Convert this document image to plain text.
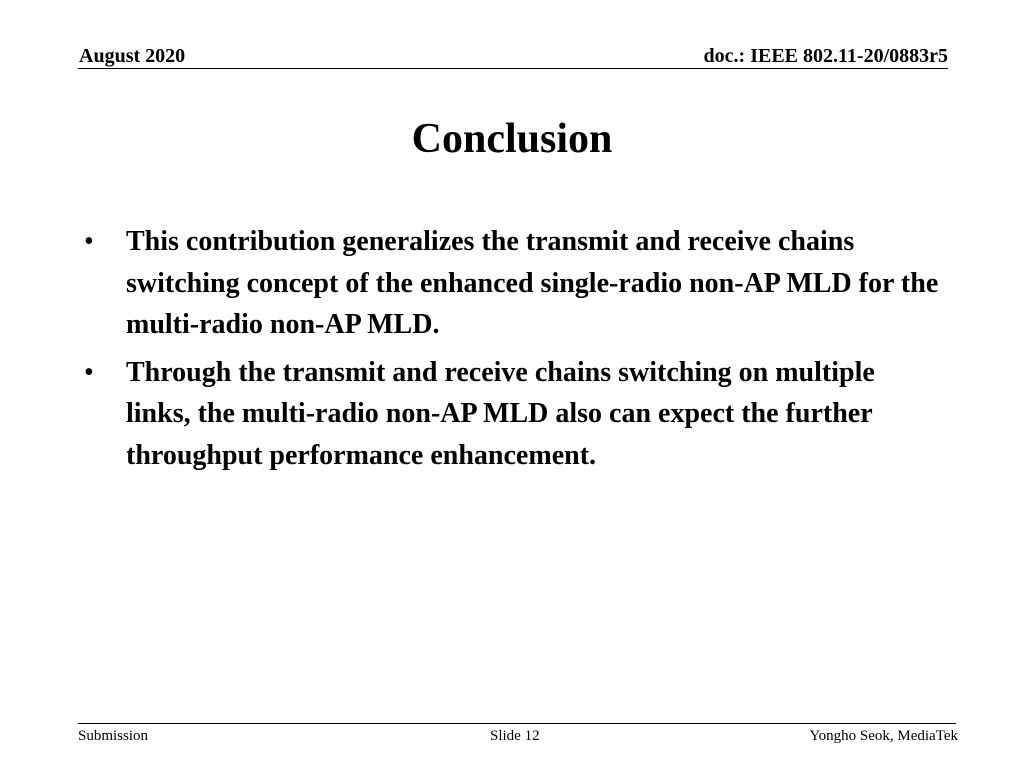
August 2020	doc.: IEEE 802.11-20/0883r5
Conclusion
• This contribution generalizes the transmit and receive chains switching concept of the enhanced single-radio non-AP MLD for the multi-radio non-AP MLD.
• Through the transmit and receive chains switching on multiple links, the multi-radio non-AP MLD also can expect the further throughput performance enhancement.
Submission	Slide 12	Yongho Seok, MediaTek
